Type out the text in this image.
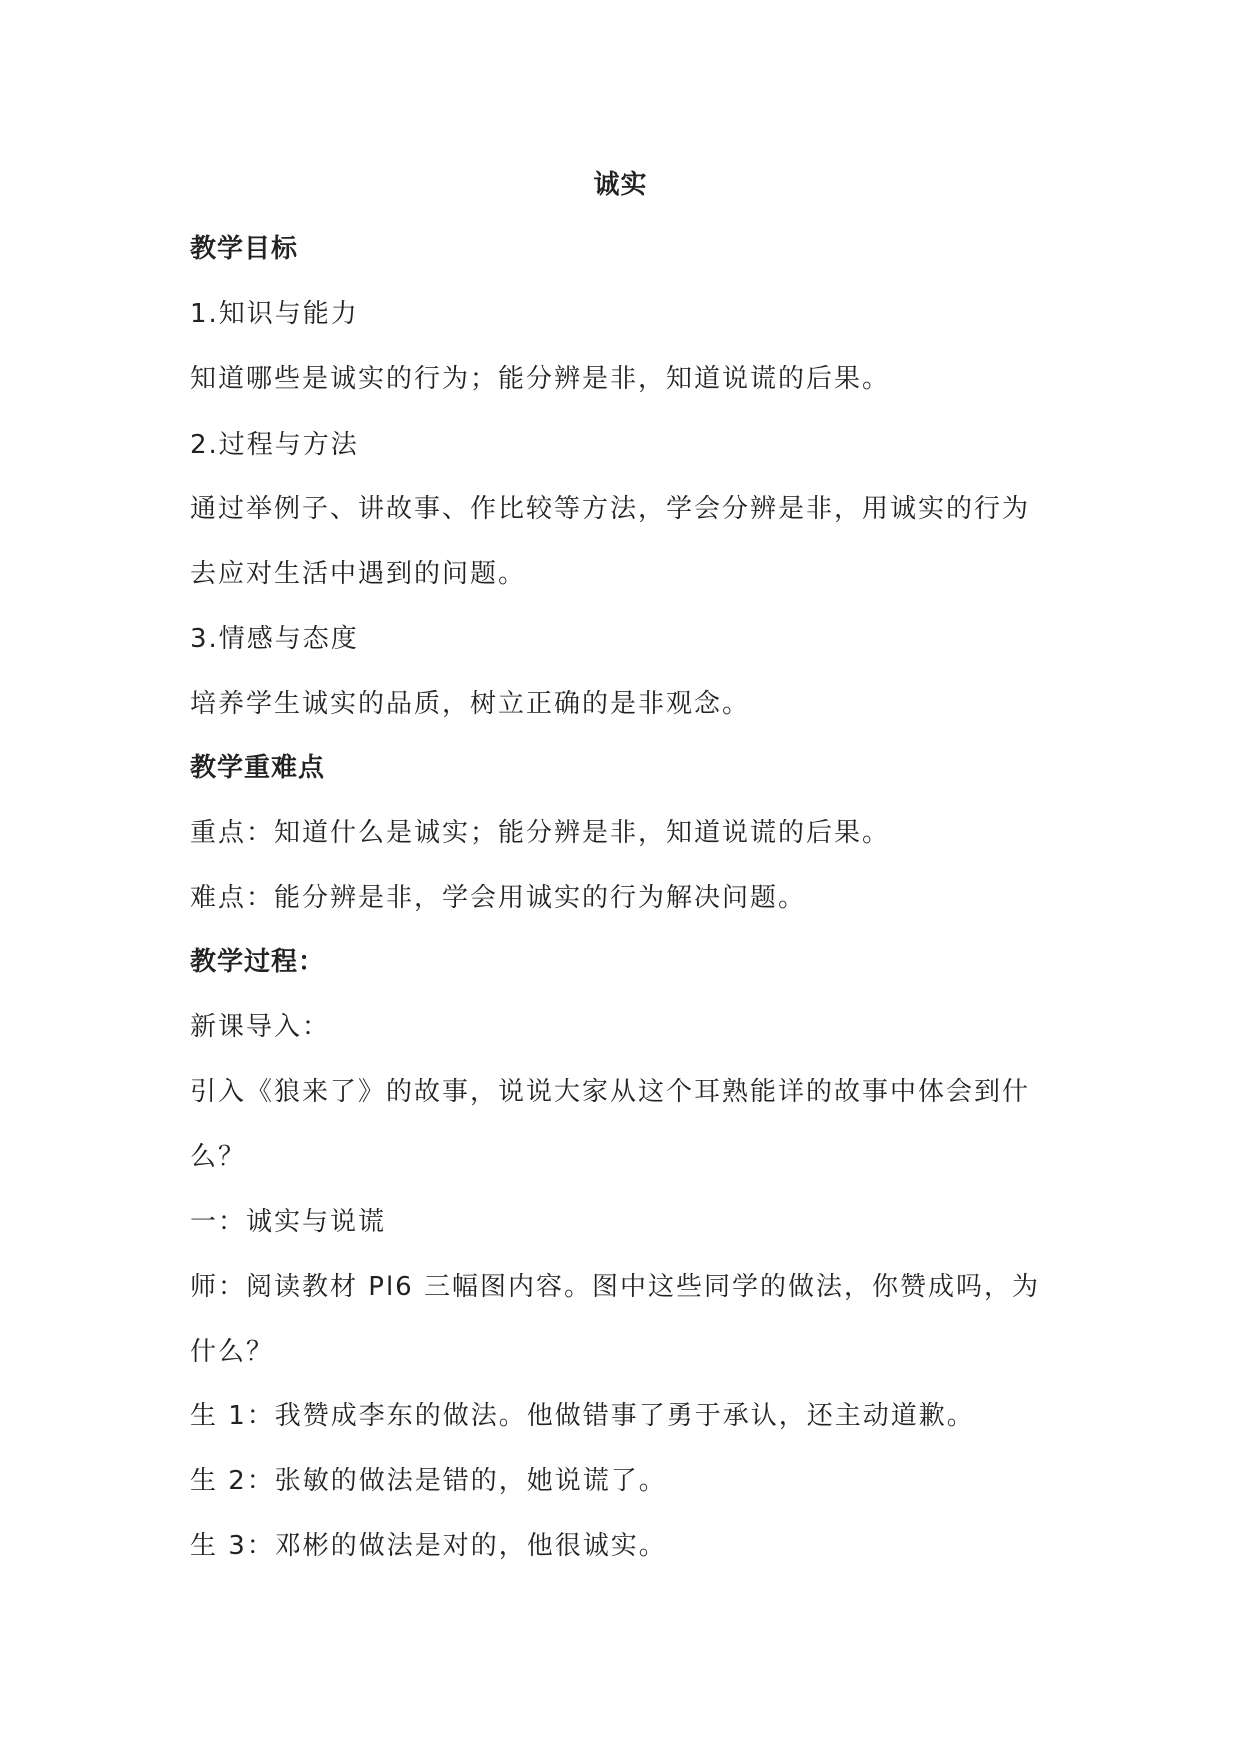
诚实

教学目标

1.知识与能力

知道哪些是诚实的行为；能分辨是非，知道说谎的后果。

2.过程与方法

通过举例子、讲故事、作比较等方法，学会分辨是非，用诚实的行为

去应对生活中遇到的问题。

3.情感与态度

培养学生诚实的品质，树立正确的是非观念。

教学重难点

重点：知道什么是诚实；能分辨是非，知道说谎的后果。

难点：能分辨是非，学会用诚实的行为解决问题。

教学过程：

新课导入：

引入《狼来了》的故事，说说大家从这个耳熟能详的故事中体会到什

么？

一：诚实与说谎

师：阅读教材 Pl6 三幅图内容。图中这些同学的做法，你赞成吗，为

什么？

生 1：我赞成李东的做法。他做错事了勇于承认，还主动道歉。

生 2：张敏的做法是错的，她说谎了。

生 3：邓彬的做法是对的，他很诚实。
